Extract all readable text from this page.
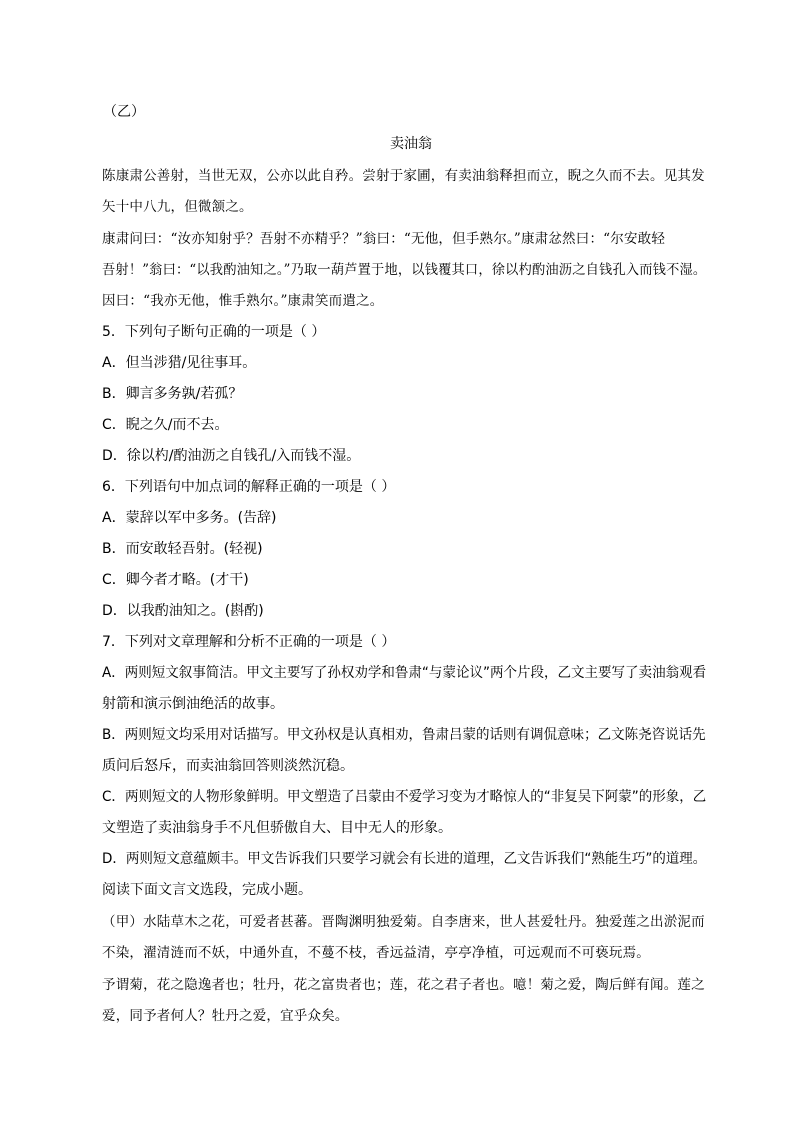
（乙）
卖油翁
陈康肃公善射，当世无双，公亦以此自矜。尝射于家圃，有卖油翁释担而立，睨之久而不去。见其发
矢十中八九，但微颔之。
康肃问曰：“汝亦知射乎？吾射不亦精乎？”翁曰：“无他，但手熟尔。”康肃忿然曰：“尔安敢轻
吾射！”翁曰：“以我酌油知之。”乃取一葫芦置于地，以钱覆其口，徐以杓酌油沥之自钱孔入而钱不湿。
因曰：“我亦无他，惟手熟尔。”康肃笑而遣之。
5．下列句子断句正确的一项是（ ）
A．但当涉猎/见往事耳。
B．卿言多务孰/若孤？
C．睨之久/而不去。
D．徐以杓/酌油沥之自钱孔/入而钱不湿。
6．下列语句中加点词的解释正确的一项是（ ）
A．蒙辞以军中多务。(告辞)
B．而安敢轻吾射。(轻视)
C．卿今者才略。(才干)
D．以我酌油知之。(斟酌)
7．下列对文章理解和分析不正确的一项是（ ）
A．两则短文叙事简洁。甲文主要写了孙权劝学和鲁肃“与蒙论议”两个片段，乙文主要写了卖油翁观看
射箭和演示倒油绝活的故事。
B．两则短文均采用对话描写。甲文孙权是认真相劝，鲁肃吕蒙的话则有调侃意味；乙文陈尧咨说话先
质问后怒斥，而卖油翁回答则淡然沉稳。
C．两则短文的人物形象鲜明。甲文塑造了吕蒙由不爱学习变为才略惊人的“非复吴下阿蒙”的形象，乙
文塑造了卖油翁身手不凡但骄傲自大、目中无人的形象。
D．两则短文意蕴颇丰。甲文告诉我们只要学习就会有长进的道理，乙文告诉我们“熟能生巧”的道理。
阅读下面文言文选段，完成小题。
（甲）水陆草木之花，可爱者甚蕃。晋陶渊明独爱菊。自李唐来，世人甚爱牡丹。独爱莲之出淤泥而
不染，濯清涟而不妖，中通外直，不蔓不枝，香远益清，亭亭净植，可远观而不可亵玩焉。
予谓菊，花之隐逸者也；牡丹，花之富贵者也；莲，花之君子者也。噫！菊之爱，陶后鲜有闻。莲之
爱，同予者何人？牡丹之爱，宜乎众矣。
